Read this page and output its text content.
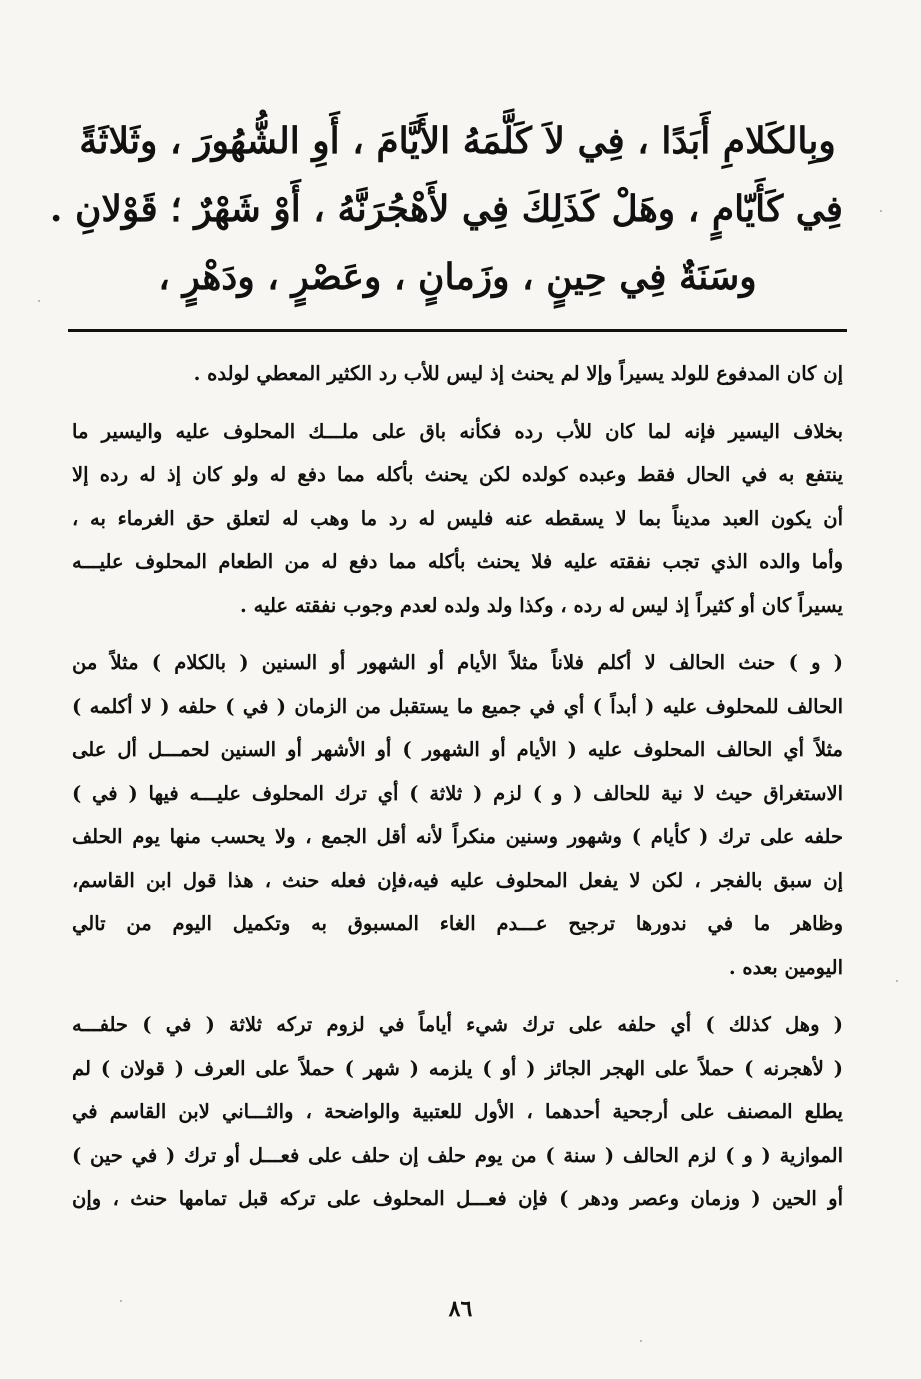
وبِالكَلامِ أَبَدًا ، فِي لاَ كَلَّمَهُ الأَيَّامَ ، أَوِ الشُّهُورَ ، وثَلاثَةً
فِي كَأَيّامٍ ، وهَلْ كَذَلِكَ فِي لأَهْجُرَنَّهُ ، أَوْ شَهْرٌ ؛ قَوْلانِ .
وسَنَةٌ فِي حِينٍ ، وزَمانٍ ، وعَصْرٍ ، ودَهْرٍ ،

إن كان المدفوع للولد يسيراً وإلا لم يحنث إذ ليس للأب رد الكثير المعطي لولده .

بخلاف اليسير فإنه لما كان للأب رده فكأنه باق على ملـــك المحلوف عليه واليسير ما

ينتفع به في الحال فقط وعبده كولده لكن يحنث بأكله مما دفع له ولو كان إذ له رده إلا

أن يكون العبد مديناً بما لا يسقطه عنه فليس له رد ما وهب له لتعلق حق الغرماء به ،

وأما والده الذي تجب نفقته عليه فلا يحنث بأكله مما دفع له من الطعام المحلوف عليـــه

يسيراً كان أو كثيراً إذ ليس له رده ، وكذا ولد ولده لعدم وجوب نفقته عليه .

( و ) حنث الحالف لا أكلم فلاناً مثلاً الأيام أو الشهور أو السنين ( بالكلام ) مثلاً من

الحالف للمحلوف عليه ( أبداً ) أي في جميع ما يستقبل من الزمان ( في ) حلفه ( لا أكلمه )

مثلاً أي الحالف المحلوف عليه ( الأيام أو الشهور ) أو الأشهر أو السنين لحمـــل أل على

الاستغراق حيث لا نية للحالف ( و ) لزم ( ثلاثة ) أي ترك المحلوف عليـــه فيها ( في )

حلفه على ترك ( كأيام ) وشهور وسنين منكراً لأنه أقل الجمع ، ولا يحسب منها يوم الحلف

إن سبق بالفجر ، لكن لا يفعل المحلوف عليه فيه،فإن فعله حنث ، هذا قول ابن القاسم،

وظاهر ما في ندورها ترجيح عـــدم الغاء المسبوق به وتكميل اليوم من تالي

اليومين بعده .

( وهل كذلك ) أي حلفه على ترك شيء أياماً في لزوم تركه ثلاثة ( في ) حلفـــه

( لأهجرنه ) حملاً على الهجر الجائز ( أو ) يلزمه ( شهر ) حملاً على العرف ( قولان ) لم

يطلع المصنف على أرجحية أحدهما ، الأول للعتبية والواضحة ، والثـــاني لابن القاسم في

الموازية ( و ) لزم الحالف ( سنة ) من يوم حلف إن حلف على فعـــل أو ترك ( في حين )

أو الحين ( وزمان وعصر ودهر ) فإن فعـــل المحلوف على تركه قبل تمامها حنث ، وإن

٨٦
